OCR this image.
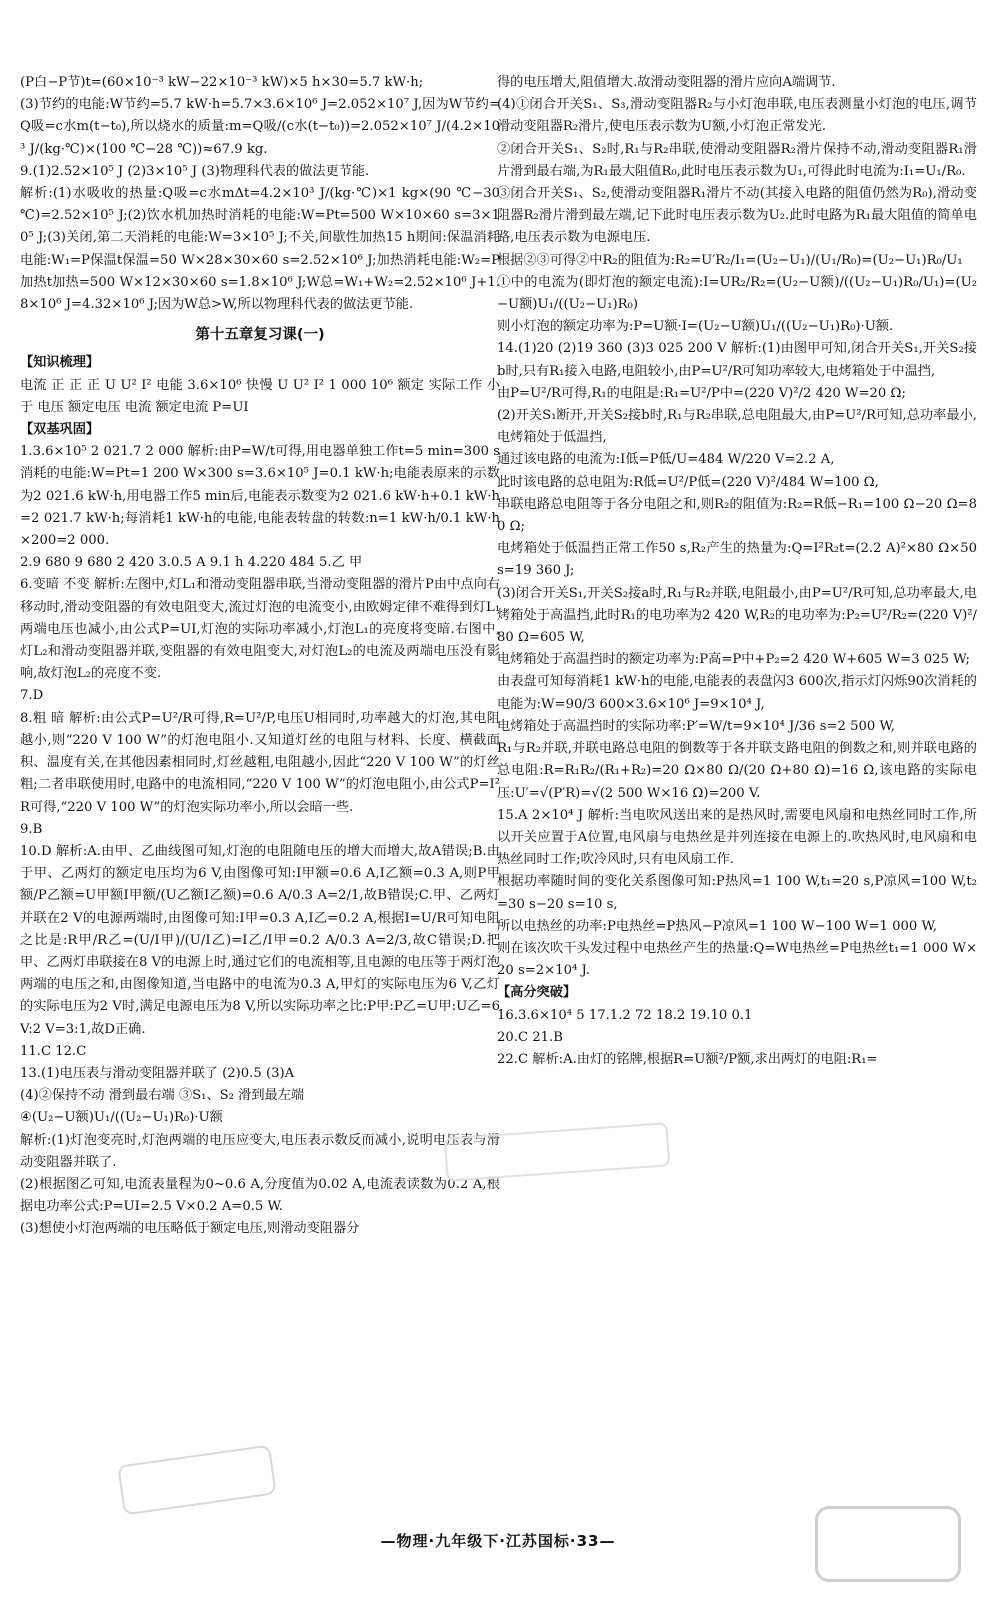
(P白−P节)t=(60×10⁻³ kW−22×10⁻³ kW)×5 h×30=5.7 kW·h;

(3)节约的电能:W节约=5.7 kW·h=5.7×3.6×10⁶ J=2.052×10⁷ J,因为W节约=Q吸=c水m(t−t₀),所以烧水的质量:m=Q吸/(c水(t−t₀))=2.052×10⁷ J/(4.2×10³ J/(kg·℃)×(100 ℃−28 ℃))≈67.9 kg.

9.(1)2.52×10⁵ J (2)3×10⁵ J (3)物理科代表的做法更节能.

解析:(1)水吸收的热量:Q吸=c水mΔt=4.2×10³ J/(kg·℃)×1 kg×(90 ℃−30 ℃)=2.52×10⁵ J;(2)饮水机加热时消耗的电能:W=Pt=500 W×10×60 s=3×10⁵ J;(3)关闭,第二天消耗的电能:W=3×10⁵ J;不关,间歇性加热15 h期间:保温消耗电能:W₁=P保温t保温=50 W×28×30×60 s=2.52×10⁶ J;加热消耗电能:W₂=P加热t加热=500 W×12×30×60 s=1.8×10⁶ J;W总=W₁+W₂=2.52×10⁶ J+1.8×10⁶ J=4.32×10⁶ J;因为W总>W,所以物理科代表的做法更节能.

第十五章复习课(一)

【知识梳理】

电流 正 正 正 U U² I² 电能 3.6×10⁶ 快慢 U U² I² 1 000 10⁶ 额定 实际工作 小于 电压 额定电压 电流 额定电流 P=UI

【双基巩固】

1.3.6×10⁵ 2 021.7 2 000 解析:由P=W/t可得,用电器单独工作t=5 min=300 s消耗的电能:W=Pt=1 200 W×300 s=3.6×10⁵ J=0.1 kW·h;电能表原来的示数为2 021.6 kW·h,用电器工作5 min后,电能表示数变为2 021.6 kW·h+0.1 kW·h=2 021.7 kW·h;每消耗1 kW·h的电能,电能表转盘的转数:n=1 kW·h/0.1 kW·h×200=2 000.

2.9 680 9 680 2 420 3.0.5 A 9.1 h 4.220 484 5.乙 甲

6.变暗 不变 解析:左图中,灯L₁和滑动变阻器串联,当滑动变阻器的滑片P由中点向右移动时,滑动变阻器的有效电阻变大,流过灯泡的电流变小,由欧姆定律不难得到灯L₁两端电压也减小,由公式P=UI,灯泡的实际功率减小,灯泡L₁的亮度将变暗.右图中,灯L₂和滑动变阻器并联,变阻器的有效电阻变大,对灯泡L₂的电流及两端电压没有影响,故灯泡L₂的亮度不变.

7.D

8.粗 暗 解析:由公式P=U²/R可得,R=U²/P,电压U相同时,功率越大的灯泡,其电阻越小,则“220 V 100 W”的灯泡电阻小.又知道灯丝的电阻与材料、长度、横截面积、温度有关,在其他因素相同时,灯丝越粗,电阻越小,因此“220 V 100 W”的灯丝粗;二者串联使用时,电路中的电流相同,“220 V 100 W”的灯泡电阻小,由公式P=I²R可得,“220 V 100 W”的灯泡实际功率小,所以会暗一些.

9.B

10.D 解析:A.由甲、乙曲线图可知,灯泡的电阻随电压的增大而增大,故A错误;B.由于甲、乙两灯的额定电压均为6 V,由图像可知:I甲额=0.6 A,I乙额=0.3 A,则P甲额/P乙额=U甲额I甲额/(U乙额I乙额)=0.6 A/0.3 A=2/1,故B错误;C.甲、乙两灯并联在2 V的电源两端时,由图像可知:I甲=0.3 A,I乙=0.2 A,根据I=U/R可知电阻之比是:R甲/R乙=(U/I甲)/(U/I乙)=I乙/I甲=0.2 A/0.3 A=2/3,故C错误;D.把甲、乙两灯串联接在8 V的电源上时,通过它们的电流相等,且电源的电压等于两灯泡两端的电压之和,由图像知道,当电路中的电流为0.3 A,甲灯的实际电压为6 V,乙灯的实际电压为2 V时,满足电源电压为8 V,所以实际功率之比:P甲:P乙=U甲:U乙=6 V:2 V=3:1,故D正确.

11.C 12.C

13.(1)电压表与滑动变阻器并联了 (2)0.5 (3)A

(4)②保持不动 滑到最右端 ③S₁、S₂ 滑到最左端

④(U₂−U额)U₁/((U₂−U₁)R₀)·U额

解析:(1)灯泡变亮时,灯泡两端的电压应变大,电压表示数反而减小,说明电压表与滑动变阻器并联了.

(2)根据图乙可知,电流表量程为0~0.6 A,分度值为0.02 A,电流表读数为0.2 A,根据电功率公式:P=UI=2.5 V×0.2 A=0.5 W.

(3)想使小灯泡两端的电压略低于额定电压,则滑动变阻器分

得的电压增大,阻值增大.故滑动变阻器的滑片应向A端调节.

(4)①闭合开关S₁、S₃,滑动变阻器R₂与小灯泡串联,电压表测量小灯泡的电压,调节滑动变阻器R₂滑片,使电压表示数为U额,小灯泡正常发光.

②闭合开关S₁、S₂时,R₁与R₂串联,使滑动变阻器R₂滑片保持不动,滑动变阻器R₁滑片滑到最右端,为R₁最大阻值R₀,此时电压表示数为U₁,可得此时电流为:I₁=U₁/R₀.

③闭合开关S₁、S₂,使滑动变阻器R₁滑片不动(其接入电路的阻值仍然为R₀),滑动变阻器R₂滑片滑到最左端,记下此时电压表示数为U₂.此时电路为R₁最大阻值的简单电路,电压表示数为电源电压.

根据②③可得②中R₂的阻值为:R₂=U′R₂/I₁=(U₂−U₁)/(U₁/R₀)=(U₂−U₁)R₀/U₁

①中的电流为(即灯泡的额定电流):I=UR₂/R₂=(U₂−U额)/((U₂−U₁)R₀/U₁)=(U₂−U额)U₁/((U₂−U₁)R₀)

则小灯泡的额定功率为:P=U额·I=(U₂−U额)U₁/((U₂−U₁)R₀)·U额.

14.(1)20 (2)19 360 (3)3 025 200 V 解析:(1)由图甲可知,闭合开关S₁,开关S₂接b时,只有R₁接入电路,电阻较小,由P=U²/R可知功率较大,电烤箱处于中温挡,

由P=U²/R可得,R₁的电阻是:R₁=U²/P中=(220 V)²/2 420 W=20 Ω;

(2)开关S₁断开,开关S₂接b时,R₁与R₂串联,总电阻最大,由P=U²/R可知,总功率最小,电烤箱处于低温挡,

通过该电路的电流为:I低=P低/U=484 W/220 V=2.2 A,

此时该电路的总电阻为:R低=U²/P低=(220 V)²/484 W=100 Ω,

串联电路总电阻等于各分电阻之和,则R₂的阻值为:R₂=R低−R₁=100 Ω−20 Ω=80 Ω;

电烤箱处于低温挡正常工作50 s,R₂产生的热量为:Q=I²R₂t=(2.2 A)²×80 Ω×50 s=19 360 J;

(3)闭合开关S₁,开关S₂接a时,R₁与R₂并联,电阻最小,由P=U²/R可知,总功率最大,电烤箱处于高温挡,此时R₁的电功率为2 420 W,R₂的电功率为:P₂=U²/R₂=(220 V)²/80 Ω=605 W,

电烤箱处于高温挡时的额定功率为:P高=P中+P₂=2 420 W+605 W=3 025 W;

由表盘可知每消耗1 kW·h的电能,电能表的表盘闪3 600次,指示灯闪烁90次消耗的电能为:W=90/3 600×3.6×10⁶ J=9×10⁴ J,

电烤箱处于高温挡时的实际功率:P′=W/t=9×10⁴ J/36 s=2 500 W,

R₁与R₂并联,并联电路总电阻的倒数等于各并联支路电阻的倒数之和,则并联电路的总电阻:R=R₁R₂/(R₁+R₂)=20 Ω×80 Ω/(20 Ω+80 Ω)=16 Ω,该电路的实际电压:U′=√(P′R)=√(2 500 W×16 Ω)=200 V.

15.A 2×10⁴ J 解析:当电吹风送出来的是热风时,需要电风扇和电热丝同时工作,所以开关应置于A位置,电风扇与电热丝是并列连接在电源上的.吹热风时,电风扇和电热丝同时工作;吹冷风时,只有电风扇工作.

根据功率随时间的变化关系图像可知:P热风=1 100 W,t₁=20 s,P凉风=100 W,t₂=30 s−20 s=10 s,

所以电热丝的功率:P电热丝=P热风−P凉风=1 100 W−100 W=1 000 W,

则在该次吹干头发过程中电热丝产生的热量:Q=W电热丝=P电热丝t₁=1 000 W×20 s=2×10⁴ J.

【高分突破】

16.3.6×10⁴ 5 17.1.2 72 18.2 19.10 0.1

20.C 21.B

22.C 解析:A.由灯的铭牌,根据R=U额²/P额,求出两灯的电阻:R₁=

—物理·九年级下·江苏国标·33—
